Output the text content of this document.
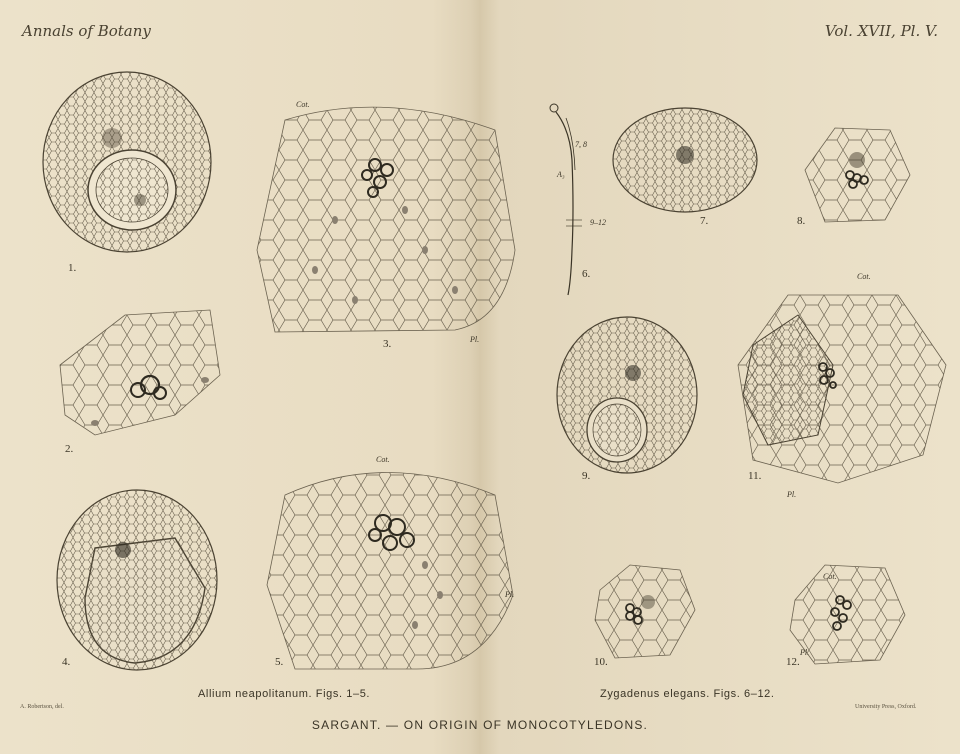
Annals of Botany	Vol. XVII, Pl. V.
1.
2.
Cot.
Pl.
3.
4.
Cot.
Pl.
5.
7, 8
A₃
9–12
6.
7.	8.
9.
Cot.
Pl.
11.
10.
Cot.
Pl.
12.
Allium neapolitanum. Figs. 1–5.	Zygadenus elegans. Figs. 6–12.
A. Robertson, del.	University Press, Oxford.
SARGANT. — ON ORIGIN OF MONOCOTYLEDONS.
